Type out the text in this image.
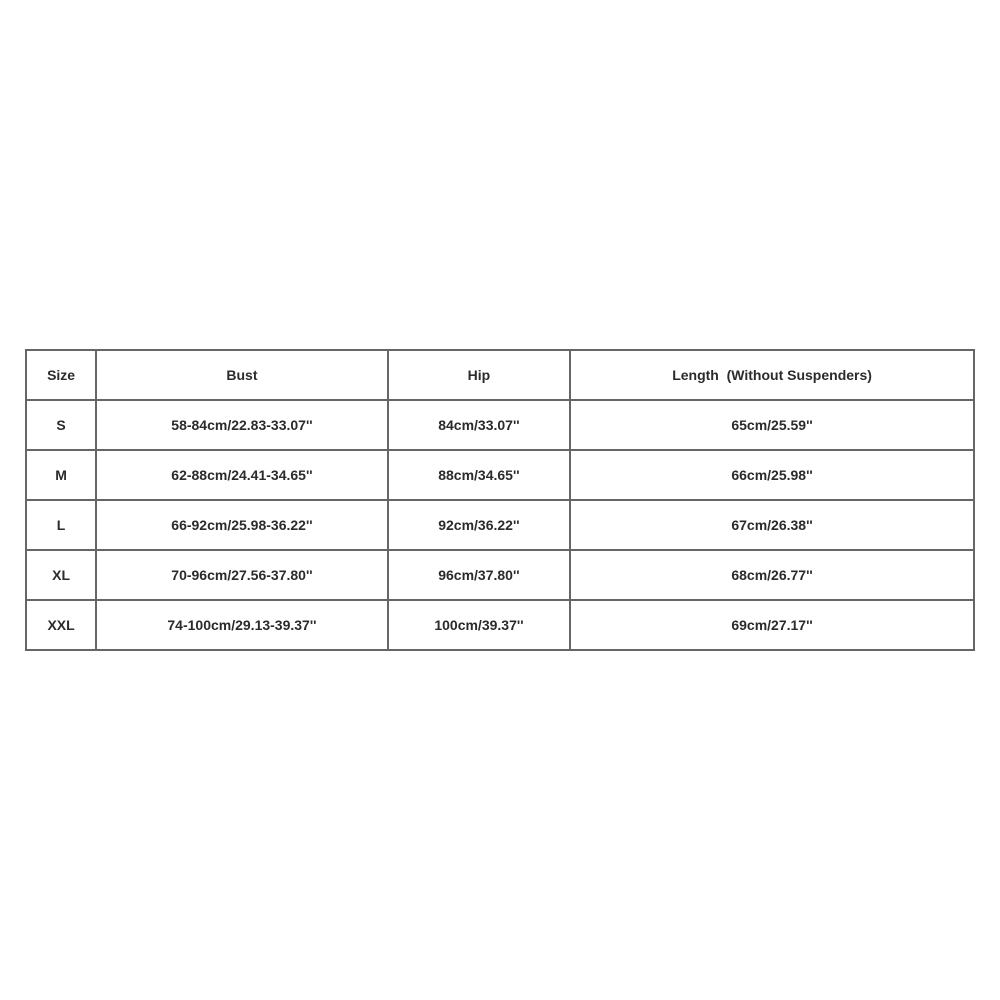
Size	Bust	Hip	Length  (Without Suspenders)
S	58-84cm/22.83-33.07''	84cm/33.07''	65cm/25.59''
M	62-88cm/24.41-34.65''	88cm/34.65''	66cm/25.98''
L	66-92cm/25.98-36.22''	92cm/36.22''	67cm/26.38''
XL	70-96cm/27.56-37.80''	96cm/37.80''	68cm/26.77''
XXL	74-100cm/29.13-39.37''	100cm/39.37''	69cm/27.17''
